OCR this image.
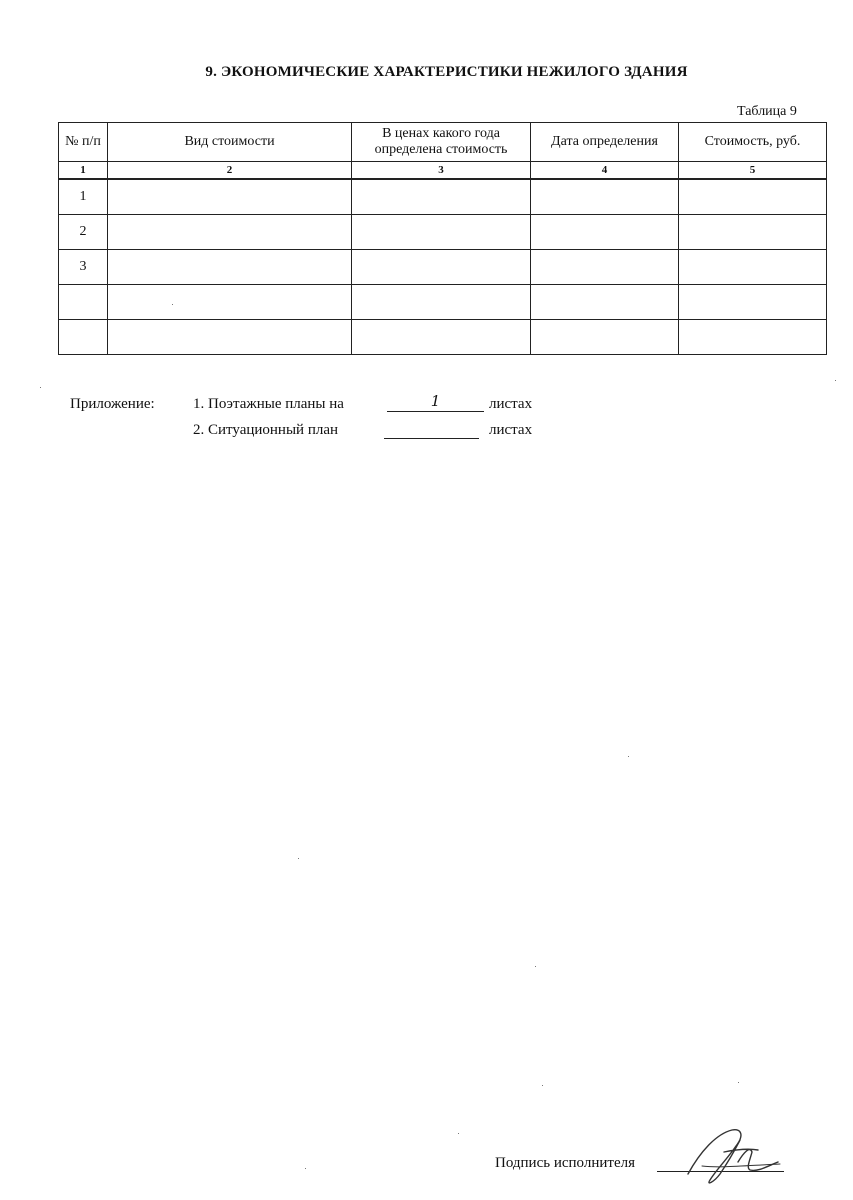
9. ЭКОНОМИЧЕСКИЕ ХАРАКТЕРИСТИКИ НЕЖИЛОГО ЗДАНИЯ
Таблица 9
№ п/п	Вид стоимости	В ценах какого года определена стоимость	Дата определения	Стоимость, руб.
1	2	3	4	5
1				
2				
3				

Приложение:	1. Поэтажные планы на	1	листах
2. Ситуационный план	листах
Подпись исполнителя
